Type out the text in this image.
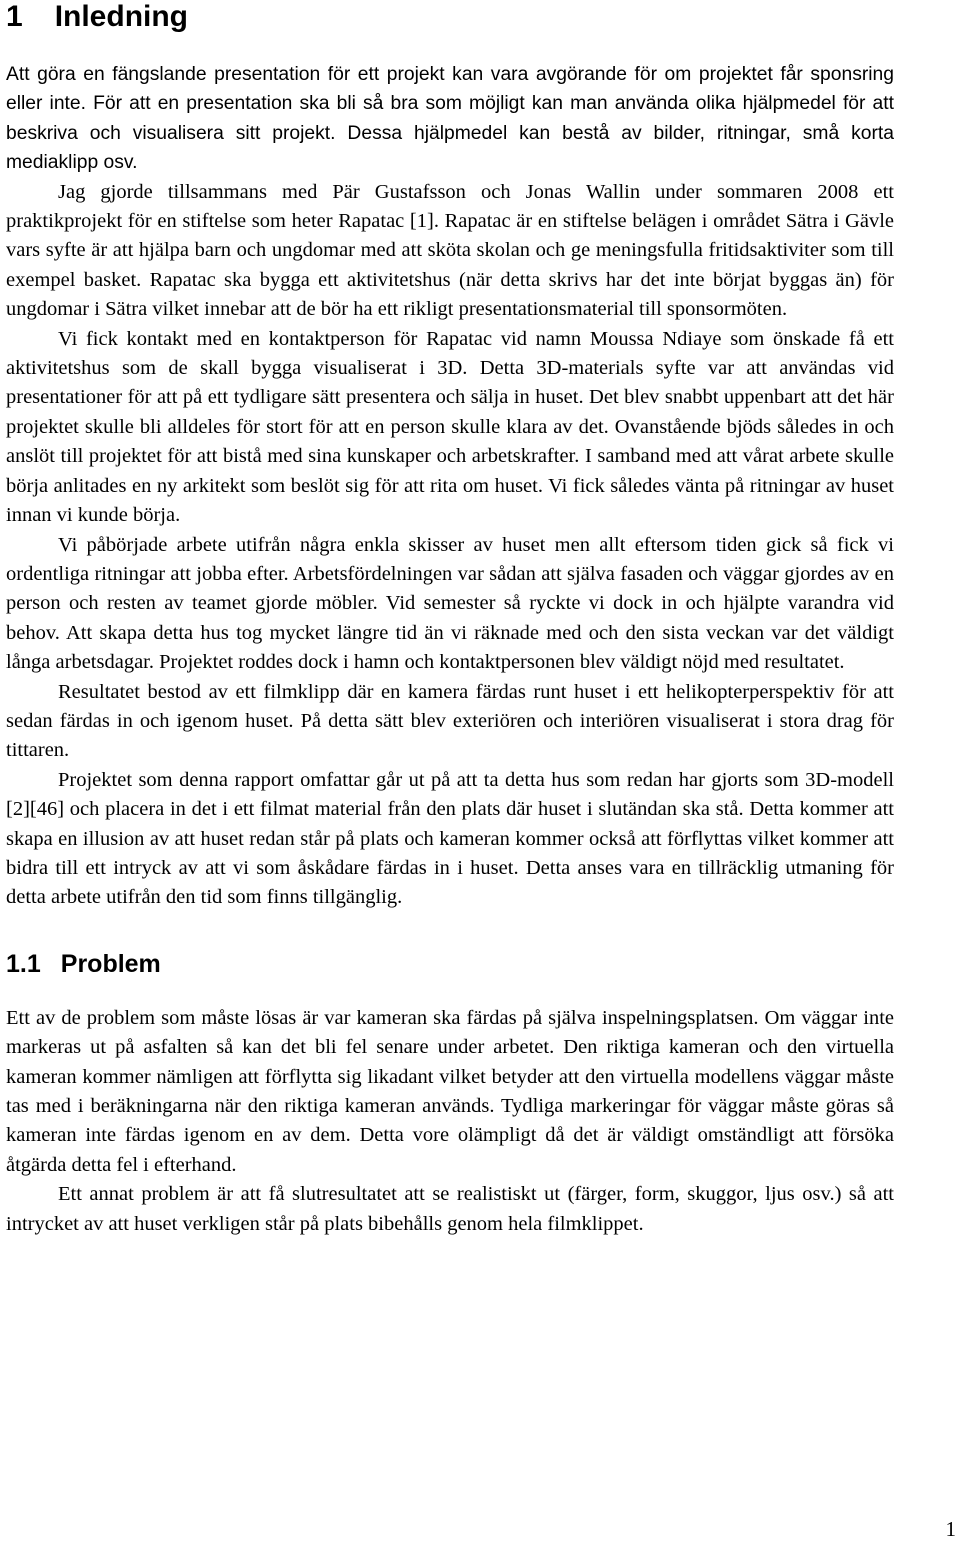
1 Inledning

Att göra en fängslande presentation för ett projekt kan vara avgörande för om projektet får sponsring eller inte. För att en presentation ska bli så bra som möjligt kan man använda olika hjälpmedel för att beskriva och visualisera sitt projekt. Dessa hjälpmedel kan bestå av bilder, ritningar, små korta mediaklipp osv.

Jag gjorde tillsammans med Pär Gustafsson och Jonas Wallin under sommaren 2008 ett praktikprojekt för en stiftelse som heter Rapatac [1]. Rapatac är en stiftelse belägen i området Sätra i Gävle vars syfte är att hjälpa barn och ungdomar med att sköta skolan och ge meningsfulla fritidsaktiviter som till exempel basket. Rapatac ska bygga ett aktivitetshus (när detta skrivs har det inte börjat byggas än) för ungdomar i Sätra vilket innebar att de bör ha ett rikligt presentationsmaterial till sponsormöten.

Vi fick kontakt med en kontaktperson för Rapatac vid namn Moussa Ndiaye som önskade få ett aktivitetshus som de skall bygga visualiserat i 3D. Detta 3D-materials syfte var att användas vid presentationer för att på ett tydligare sätt presentera och sälja in huset. Det blev snabbt uppenbart att det här projektet skulle bli alldeles för stort för att en person skulle klara av det. Ovanstående bjöds således in och anslöt till projektet för att bistå med sina kunskaper och arbetskrafter. I samband med att vårat arbete skulle börja anlitades en ny arkitekt som beslöt sig för att rita om huset. Vi fick således vänta på ritningar av huset innan vi kunde börja.

Vi påbörjade arbete utifrån några enkla skisser av huset men allt eftersom tiden gick så fick vi ordentliga ritningar att jobba efter. Arbetsfördelningen var sådan att själva fasaden och väggar gjordes av en person och resten av teamet gjorde möbler. Vid semester så ryckte vi dock in och hjälpte varandra vid behov. Att skapa detta hus tog mycket längre tid än vi räknade med och den sista veckan var det väldigt långa arbetsdagar. Projektet roddes dock i hamn och kontaktpersonen blev väldigt nöjd med resultatet.

Resultatet bestod av ett filmklipp där en kamera färdas runt huset i ett helikopterperspektiv för att sedan färdas in och igenom huset. På detta sätt blev exteriören och interiören visualiserat i stora drag för tittaren.

Projektet som denna rapport omfattar går ut på att ta detta hus som redan har gjorts som 3D-modell [2][46] och placera in det i ett filmat material från den plats där huset i slutändan ska stå. Detta kommer att skapa en illusion av att huset redan står på plats och kameran kommer också att förflyttas vilket kommer att bidra till ett intryck av att vi som åskådare färdas in i huset. Detta anses vara en tillräcklig utmaning för detta arbete utifrån den tid som finns tillgänglig.

1.1 Problem

Ett av de problem som måste lösas är var kameran ska färdas på själva inspelningsplatsen. Om väggar inte markeras ut på asfalten så kan det bli fel senare under arbetet. Den riktiga kameran och den virtuella kameran kommer nämligen att förflytta sig likadant vilket betyder att den virtuella modellens väggar måste tas med i beräkningarna när den riktiga kameran används. Tydliga markeringar för väggar måste göras så kameran inte färdas igenom en av dem. Detta vore olämpligt då det är väldigt omständligt att försöka åtgärda detta fel i efterhand.

Ett annat problem är att få slutresultatet att se realistiskt ut (färger, form, skuggor, ljus osv.) så att intrycket av att huset verkligen står på plats bibehålls genom hela filmklippet.

1
